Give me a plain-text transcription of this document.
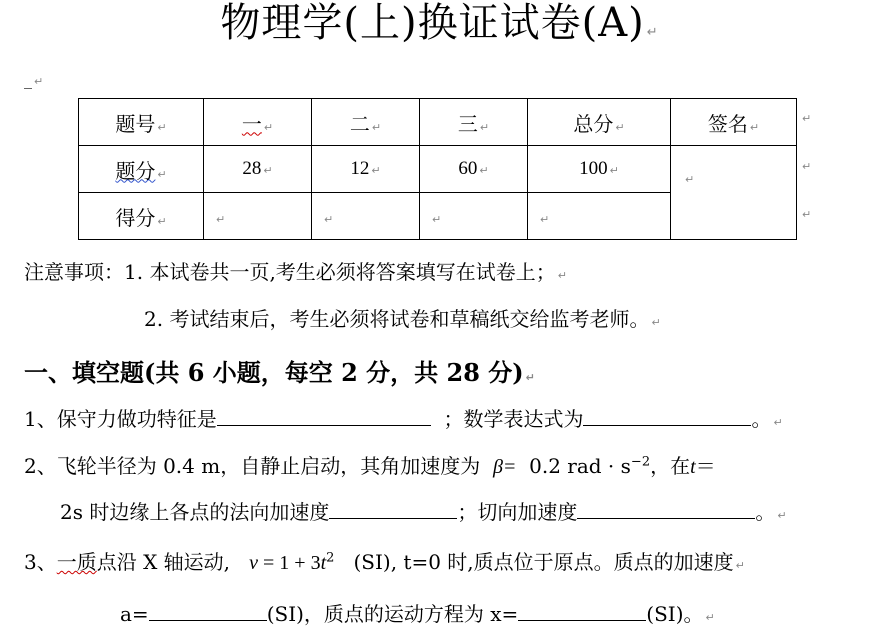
物理学(上)换证试卷(A) ↵
_ ↵
题号 ↵	一 ↵	二 ↵	三 ↵	总分 ↵	签名 ↵
题分 ↵	28 ↵	12 ↵	60 ↵	100 ↵	↵
得分 ↵	↵	↵	↵	↵	
↵
↵
↵
注意事项：1. 本试卷共一页,考生必须将答案填写在试卷上； ↵
2. 考试结束后，考生必须将试卷和草稿纸交给监考老师。 ↵
一、填空题(共 6 小题，每空 2 分，共 28 分) ↵
1、保守力做功特征是	；数学表达式为	。 ↵
2、飞轮半径为 0.4 m，自静止启动，其角加速度为 β= 0.2 rad · $s^{-2}$，在t＝
2s 时边缘上各点的法向加速度	；切向加速度	。 ↵
3、一质点沿 X 轴运动, $v = 1 + 3t^2$ (SI), t=0 时,质点位于原点。质点的加速度 ↵
a=	(SI)，质点的运动方程为 x=	(SI)。 ↵
